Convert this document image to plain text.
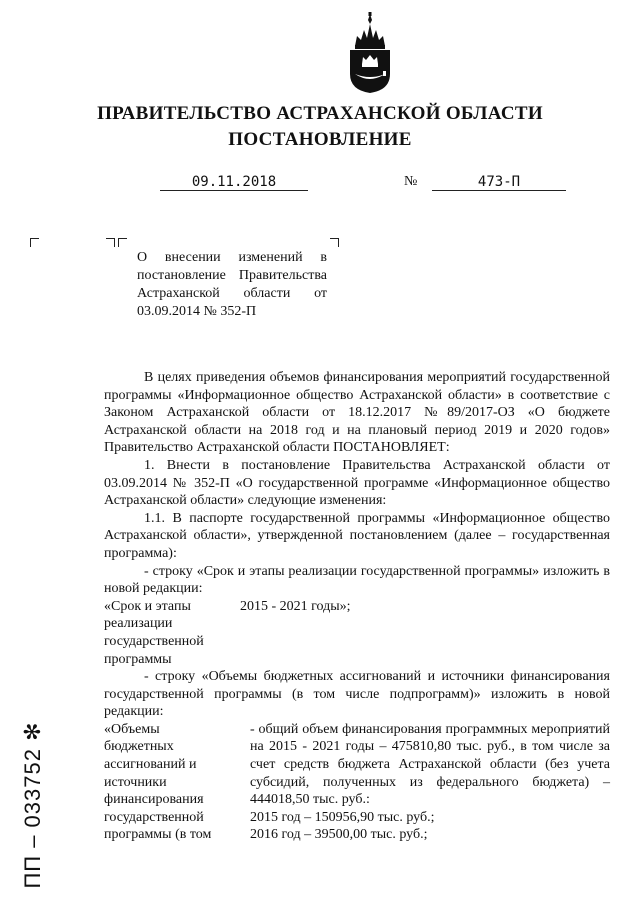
ПРАВИТЕЛЬСТВО АСТРАХАНСКОЙ ОБЛАСТИ
ПОСТАНОВЛЕНИЕ
09.11.2018	№	473-П
О внесении изменений в постановление Правительства Астраханской области от 03.09.2014 № 352-П

В целях приведения объемов финансирования мероприятий государственной программы «Информационное общество Астраханской области» в соответствие с Законом Астраханской области от 18.12.2017 №89/2017-ОЗ «О бюджете Астраханской области на 2018 год и на плановый период 2019 и 2020 годов» Правительство Астраханской области ПОСТАНОВЛЯЕТ:

1. Внести в постановление Правительства Астраханской области от 03.09.2014 № 352-П «О государственной программе «Информационное общество Астраханской области» следующие изменения:

1.1. В паспорте государственной программы «Информационное общество Астраханской области», утвержденной постановлением (далее – государственная программа):

- строку «Срок и этапы реализации государственной программы» изложить в новой редакции:

«Срок и этапы
реализации
государственной
программы
2015 - 2021 годы»;

- строку «Объемы бюджетных ассигнований и источники финансирования государственной программы (в том числе подпрограмм)» изложить в новой редакции:

«Объемы
бюджетных
ассигнований и
источники
финансирования
государственной
программы (в том
- общий объем финансирования программных мероприятий на 2015 - 2021 годы – 475810,80 тыс. руб., в том числе за счет средств бюджета Астраханской области (без учета субсидий, полученных из федерального бюджета) – 444018,50 тыс. руб.:
2015 год – 150956,90 тыс. руб.;
2016 год – 39500,00 тыс. руб.;
ПП – 033752 ✻
